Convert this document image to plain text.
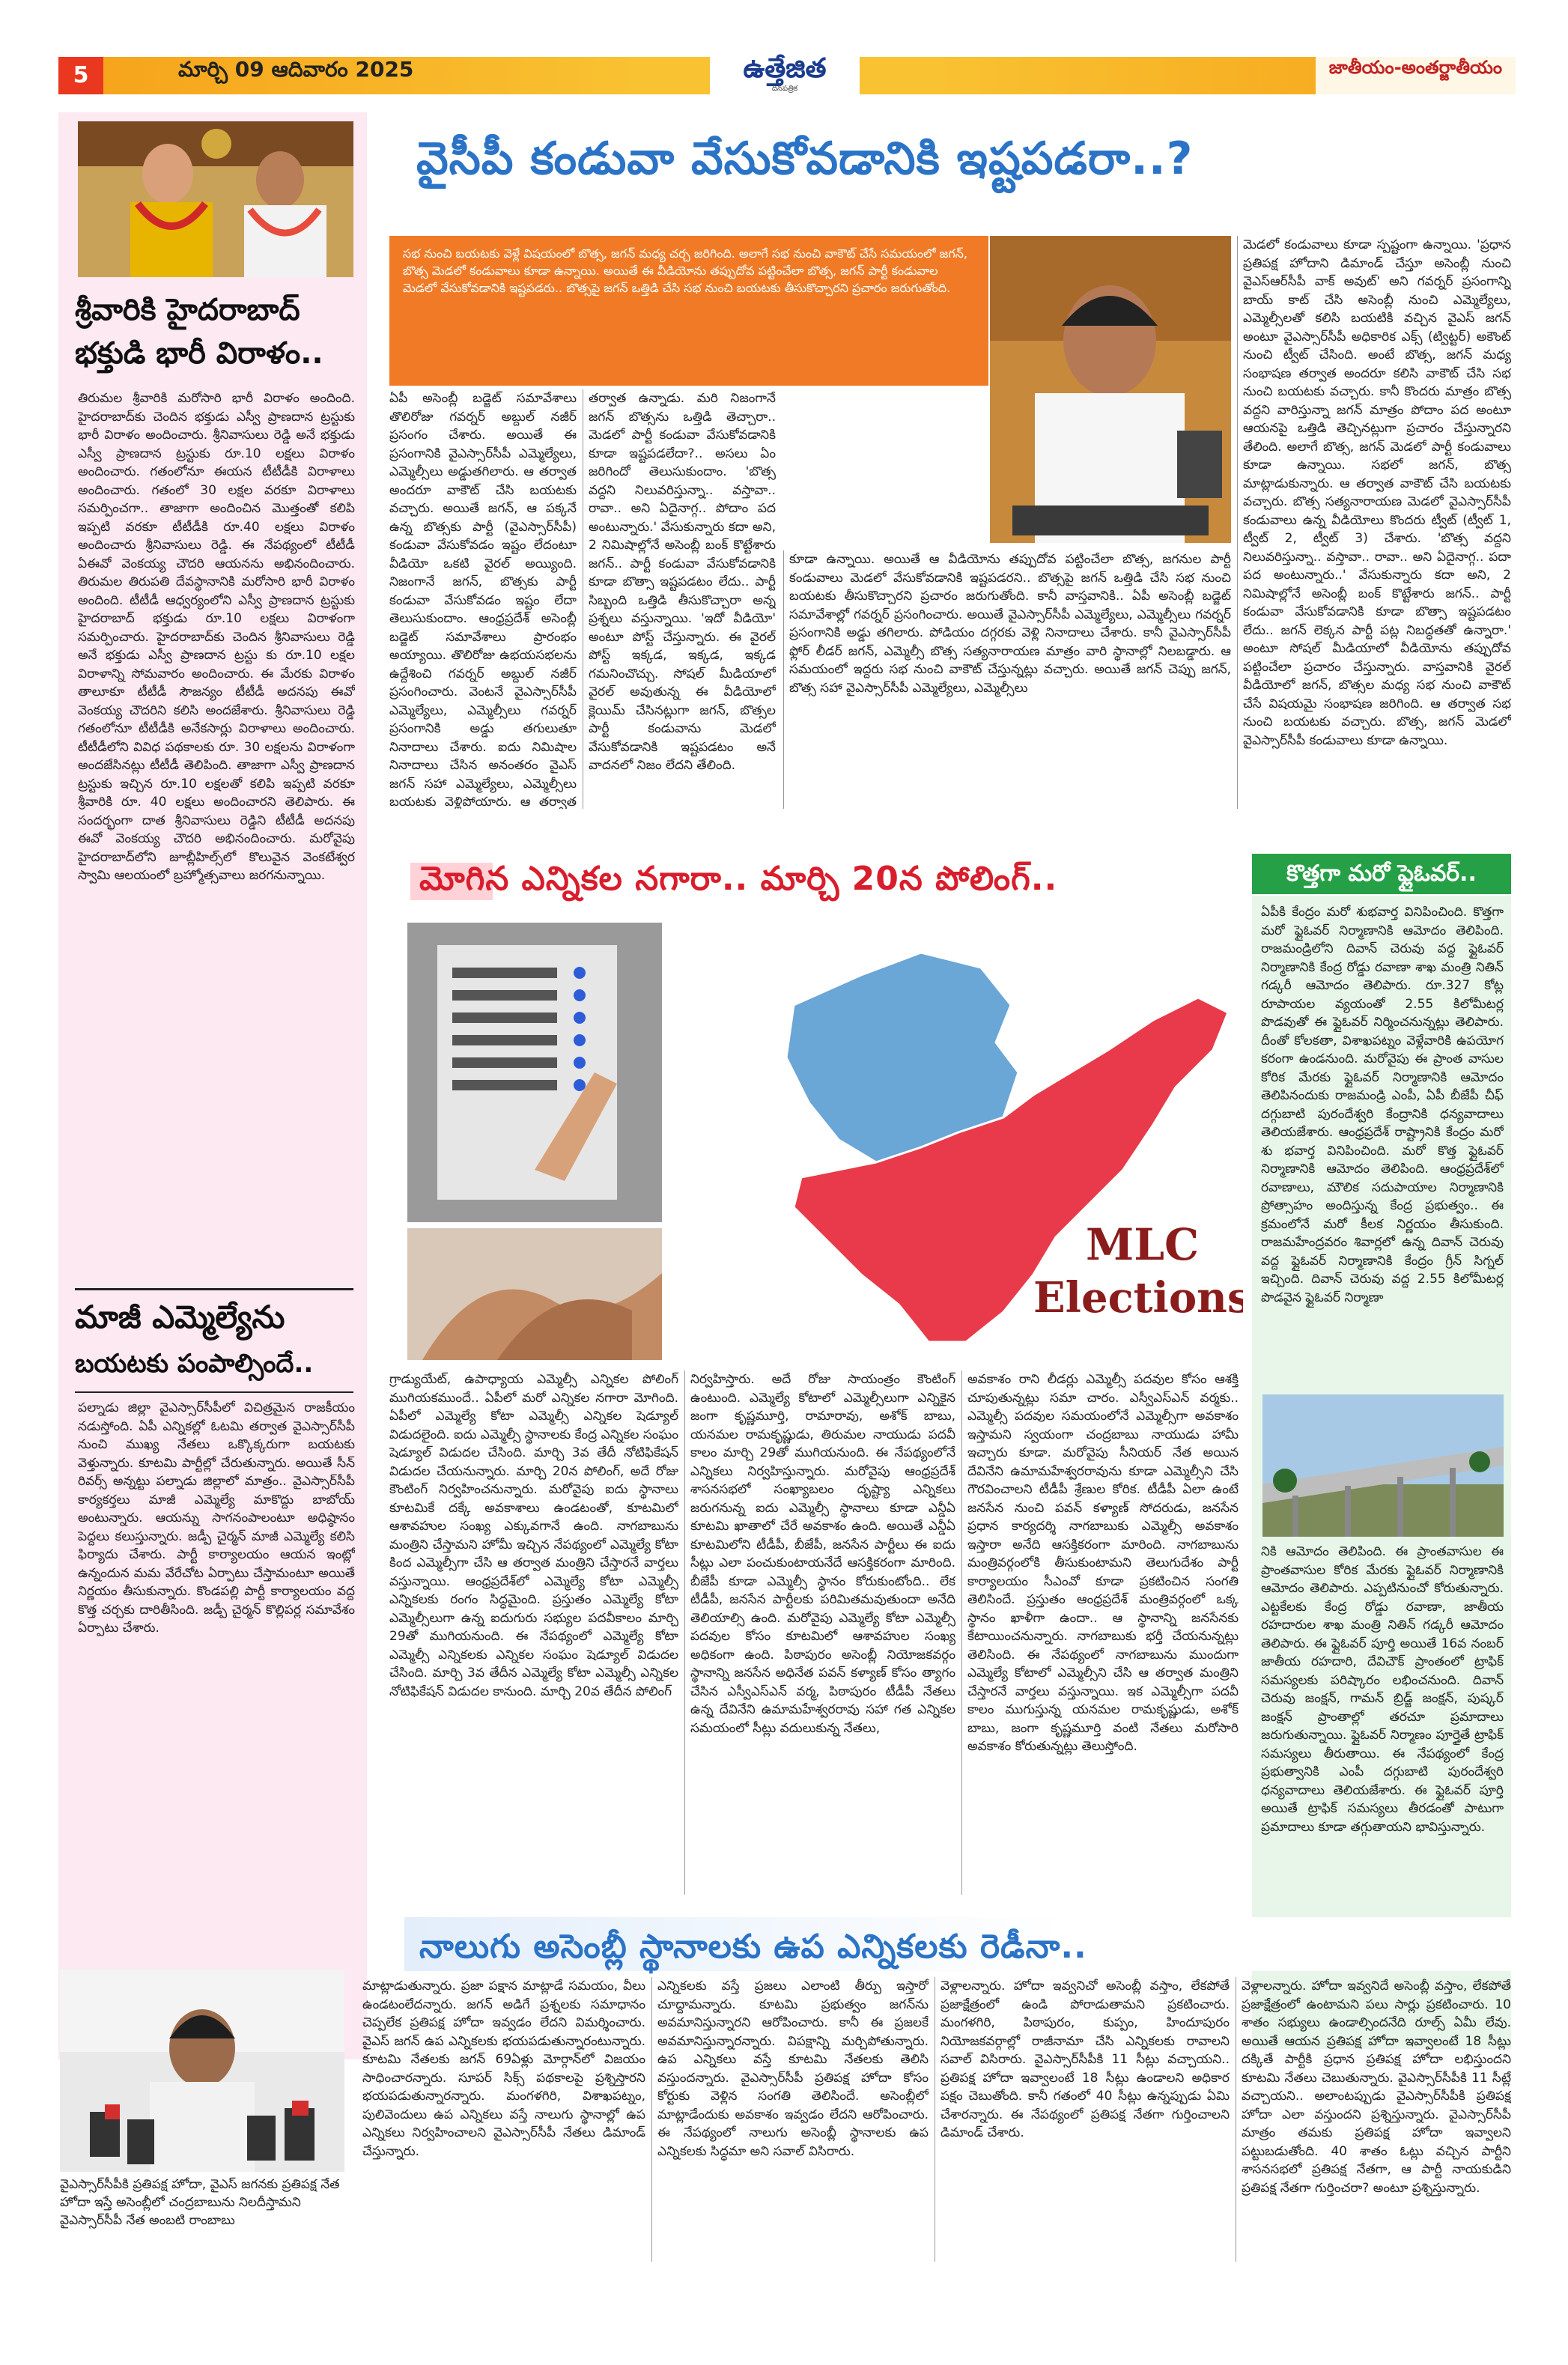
5	మార్చి 09 ఆదివారం 2025	ఉత్తేజిత
దినపత్రిక
జాతీయం-అంతర్జాతీయం
శ్రీవారికి హైదరాబాద్ భక్తుడి భారీ విరాళం..
తిరుమల శ్రీవారికి మరోసారి భారీ విరాళం అందింది. హైదరాబాద్‌కు చెందిన భక్తుడు ఎస్వీ ప్రాణదాన ట్రస్టుకు భారీ విరాళం అందించారు. శ్రీనివాసులు రెడ్డి అనే భక్తుడు ఎస్వీ ప్రాణదాన ట్రస్టుకు రూ.10 లక్షలు విరాళం అందించారు. గతంలోనూ ఈయన టీటీడీకి విరాళాలు అందించారు. గతంలో 30 లక్షల వరకూ విరాళాలు సమర్పించగా.. తాజాగా అందించిన మొత్తంతో కలిపి ఇప్పటి వరకూ టీటీడీకి రూ.40 లక్షలు విరాళం అందించారు శ్రీనివాసులు రెడ్డి. ఈ నేపథ్యంలో టీటీడీ ఏఈవో వెంకయ్య చౌదరి ఆయనను అభినందించారు. తిరుమల తిరుపతి దేవస్థానానికి మరోసారి భారీ విరాళం అందింది. టీటీడీ ఆధ్వర్యంలోని ఎస్వీ ప్రాణదాన ట్రస్టుకు హైదరాబాద్ భక్తుడు రూ.10 లక్షలు విరాళంగా సమర్పించారు. హైదరాబాద్‌కు చెందిన శ్రీనివాసులు రెడ్డి అనే భక్తుడు ఎస్వీ ప్రాణదాన ట్రస్టు కు రూ.10 లక్షల విరాళాన్ని సోమవారం అందించారు. ఈ మేరకు విరాళం తాలూకూ టీటీడీ సౌజన్యం టీటీడీ అదనపు ఈవో వెంకయ్య చౌదరిని కలిసి అందజేశారు. శ్రీనివాసులు రెడ్డి గతంలోనూ టీటీడీకి అనేకసార్లు విరాళాలు అందించారు. టీటీడీలోని వివిధ పథకాలకు రూ. 30 లక్షలను విరాళంగా అందజేసినట్లు టీటీడీ తెలిపింది. తాజాగా ఎస్వీ ప్రాణదాన ట్రస్టుకు ఇచ్చిన రూ.10 లక్షలతో కలిపి ఇప్పటి వరకూ శ్రీవారికి రూ. 40 లక్షలు అందించారని తెలిపారు. ఈ సందర్భంగా దాత శ్రీనివాసులు రెడ్డిని టీటీడీ అదనపు ఈవో వెంకయ్య చౌదరి అభినందించారు. మరోవైపు హైదరాబాద్‌లోని జూబ్లీహిల్స్‌లో కొలువైన వెంకటేశ్వర స్వామి ఆలయంలో బ్రహ్మోత్సవాలు జరగనున్నాయి.
మాజీ ఎమ్మెల్యేను
బయటకు పంపాల్సిందే..
పల్నాడు జిల్లా వైఎస్సార్‌సీపీలో విచిత్రమైన రాజకీయం నడుస్తోంది. ఏపీ ఎన్నికల్లో ఓటమి తర్వాత వైఎస్సార్‌సీపీ నుంచి ముఖ్య నేతలు ఒక్కొక్కరుగా బయటకు వెళ్తున్నారు. కూటమి పార్టీల్లో చేరుతున్నారు. అయితే సీన్ రివర్స్ అన్నట్టు పల్నాడు జిల్లాలో మాత్రం.. వైఎస్సార్‌సీపీ కార్యకర్తలు మాజీ ఎమ్మెల్యే మాకొద్దు బాబోయ్ అంటున్నారు. ఆయన్ను సాగనంపాలంటూ అధిష్ఠానం పెద్దలు కలుస్తున్నారు. జడ్పీ చైర్మన్ మాజీ ఎమ్మెల్యే కలిసి ఫిర్యాదు చేశారు. పార్టీ కార్యాలయం ఆయన ఇంట్లో ఉన్నందున మమ వేరేచోట ఏర్పాటు చేస్తామంటూ అయితే నిర్ణయం తీసుకున్నారు. కొండపల్లి పార్టీ కార్యాలయం వద్ద కొత్త చర్చకు దారితీసింది. జడ్పీ చైర్మన్ కొల్లిపర్ల సమావేశం ఏర్పాటు చేశారు.
వైసీపీ కండువా వేసుకోవడానికి ఇష్టపడరా..?
సభ నుంచి బయటకు వెళ్లే విషయంలో బొత్స, జగన్ మధ్య చర్చ జరిగింది. అలాగే సభ నుంచి వాకౌట్ చేసే సమయంలో జగన్, బొత్స మెడలో కండువాలు కూడా ఉన్నాయి. అయితే ఈ వీడియోను తప్పుదోవ పట్టించేలా బొత్స, జగన్ పార్టీ కండువాల మెడలో వేసుకోవడానికి ఇష్టపడరు.. బొత్సపై జగన్ ఒత్తిడి చేసి సభ నుంచి బయటకు తీసుకొచ్చారని ప్రచారం జరుగుతోంది.
ఏపీ అసెంబ్లీ బడ్జెట్ సమావేశాలు తొలిరోజు గవర్నర్ అబ్దుల్ నజీర్ ప్రసంగం చేశారు. అయితే ఈ ప్రసంగానికి వైఎస్సార్‌సీపీ ఎమ్మెల్యేలు, ఎమ్మెల్సీలు అడ్డుతగిలారు. ఆ తర్వాత అందరూ వాకౌట్ చేసి బయటకు వచ్చారు. అయితే జగన్, ఆ పక్కనే ఉన్న బొత్సకు పార్టీ (వైఎస్సార్‌సీపీ) కండువా వేసుకోవడం ఇష్టం లేదంటూ వీడియో ఒకటి వైరల్ అయ్యింది. నిజంగానే జగన్, బొత్సకు పార్టీ కండువా వేసుకోవడం ఇష్టం లేదా తెలుసుకుందాం. ఆంధ్రప్రదేశ్ అసెంబ్లీ బడ్జెట్ సమావేశాలు ప్రారంభం అయ్యాయి. తొలిరోజు ఉభయసభలను ఉద్దేశించి గవర్నర్ అబ్దుల్ నజీర్ ప్రసంగించారు. వెంటనే వైఎస్సార్‌సీపీ ఎమ్మెల్యేలు, ఎమ్మెల్సీలు గవర్నర్ ప్రసంగానికి అడ్డు తగులుతూ నినాదాలు చేశారు. ఐదు నిమిషాల నినాదాలు చేసిన అనంతరం వైఎస్ జగన్ సహా ఎమ్మెల్యేలు, ఎమ్మెల్సీలు బయటకు వెళ్లిపోయారు. ఆ తర్వాత
తర్వాత ఉన్నాడు. మరి నిజంగానే జగన్ బొత్సను ఒత్తిడి తెచ్చారా.. మెడలో పార్టీ కండువా వేసుకోవడానికి కూడా ఇష్టపడలేదా?.. అసలు ఏం జరిగిందో తెలుసుకుందాం. 'బొత్స వద్దని నిలువరిస్తున్నా.. వస్తావా.. రావా.. అని ఏదైనాగ్గ.. పోదాం పద అంటున్నారు.' వేసుకున్నారు కదా అని, 2 నిమిషాల్లోనే అసెంబ్లీ బంక్ కొట్టేశారు జగన్.. పార్టీ కండువా వేసుకోవడానికి కూడా బొత్సా ఇష్టపడటం లేదు.. పార్టీ సిబ్బంది ఒత్తిడి తీసుకొచ్చారా అన్న ప్రశ్నలు వస్తున్నాయి. 'ఇదో వీడియో' అంటూ పోస్ట్ చేస్తున్నారు. ఈ వైరల్ పోస్ట్ ఇక్కడ, ఇక్కడ, ఇక్కడ గమనించొచ్చు. సోషల్ మీడియాలో వైరల్ అవుతున్న ఈ వీడియోలో క్లెయిమ్ చేసినట్లుగా జగన్, బొత్సల పార్టీ కండువాను మెడలో వేసుకోవడానికి ఇష్టపడటం అనే వాదనలో నిజం లేదని తేలింది.
కూడా ఉన్నాయి. అయితే ఆ వీడియోను తప్పుదోవ పట్టించేలా బొత్స, జగనుల పార్టీ కండువాలు మెడలో వేసుకోవడానికి ఇష్టపడరని.. బొత్సపై జగన్ ఒత్తిడి చేసి సభ నుంచి బయటకు తీసుకొచ్చారని ప్రచారం జరుగుతోంది. కానీ వాస్తవానికి.. ఏపీ అసెంబ్లీ బడ్జెట్ సమావేశాల్లో గవర్నర్ ప్రసంగించారు. అయితే వైఎస్సార్‌సీపీ ఎమ్మెల్యేలు, ఎమ్మెల్సీలు గవర్నర్ ప్రసంగానికి అడ్డు తగిలారు. పోడియం దగ్గరకు వెళ్లి నినాదాలు చేశారు. కానీ వైఎస్సార్‌సీపీ ఫ్లోర్ లీడర్ జగన్, ఎమ్మెల్సీ బొత్స సత్యనారాయణ మాత్రం వారి స్థానాల్లో నిలబడ్డారు. ఆ సమయంలో ఇద్దరు సభ నుంచి వాకౌట్ చేస్తున్నట్లు వచ్చారు. అయితే జగన్ చెప్పు జగన్, బొత్స సహా వైఎస్సార్‌సీపీ ఎమ్మెల్యేలు, ఎమ్మెల్సీలు
మెడలో కండువాలు కూడా స్పష్టంగా ఉన్నాయి. 'ప్రధాన ప్రతిపక్ష హోదాని డిమాండ్ చేస్తూ అసెంబ్లీ నుంచి వైఎస్‌ఆర్‌సీపీ వాక్ అవుట్' అని గవర్నర్ ప్రసంగాన్ని బాయ్ కాట్ చేసి అసెంబ్లీ నుంచి ఎమ్మెల్యేలు, ఎమ్మెల్సీలతో కలిసి బయటికి వచ్చిన వైఎస్ జగన్ అంటూ వైఎస్సార్‌సీపీ అధికారిక ఎక్స్ (ట్విట్టర్) అకౌంట్ నుంచి ట్వీట్ చేసింది. అంటే బొత్స, జగన్ మధ్య సంభాషణ తర్వాత అందరూ కలిసి వాకౌట్ చేసి సభ నుంచి బయటకు వచ్చారు. కానీ కొందరు మాత్రం బొత్స వద్దని వారిస్తున్నా జగన్ మాత్రం పోదాం పద అంటూ ఆయనపై ఒత్తిడి తెచ్చినట్లుగా ప్రచారం చేస్తున్నారని తేలింది. అలాగే బొత్స, జగన్ మెడలో పార్టీ కండువాలు కూడా ఉన్నాయి. సభలో జగన్, బొత్స మాట్లాడుకున్నారు. ఆ తర్వాత వాకౌట్ చేసి బయటకు వచ్చారు. బొత్స సత్యనారాయణ మెడలో వైఎస్సార్‌సీపీ కండువాలు ఉన్న వీడియోలు కొందరు ట్వీట్ (ట్వీట్ 1, ట్వీట్ 2, ట్వీట్ 3) చేశారు. 'బొత్స వద్దని నిలువరిస్తున్నా.. వస్తావా.. రావా.. అని ఏదైనాగ్గ.. పదా పద అంటున్నారు..' వేసుకున్నారు కదా అని, 2 నిమిషాల్లోనే అసెంబ్లీ బంక్ కొట్టేశారు జగన్.. పార్టీ కండువా వేసుకోవడానికి కూడా బొత్సా ఇష్టపడటం లేదు.. జగన్ లెక్కన పార్టీ పట్ల నిబద్ధతతో ఉన్నారా.' అంటూ సోషల్ మీడియాలో వీడియోను తప్పుదోవ పట్టించేలా ప్రచారం చేస్తున్నారు. వాస్తవానికి వైరల్ వీడియోలో జగన్, బొత్సల మధ్య సభ నుంచి వాకౌట్ చేసే విషయమై సంభాషణ జరిగింది. ఆ తర్వాత సభ నుంచి బయటకు వచ్చారు. బొత్స, జగన్ మెడలో వైఎస్సార్‌సీపీ కండువాలు కూడా ఉన్నాయి.
మోగిన ఎన్నికల నగారా.. మార్చి 20న పోలింగ్..
MLC
Elections
గ్రాడ్యుయేట్, ఉపాధ్యాయ ఎమ్మెల్సీ ఎన్నికల పోలింగ్ ముగియకముందే.. ఏపీలో మరో ఎన్నికల నగారా మోగింది. ఏపీలో ఎమ్మెల్యే కోటా ఎమ్మెల్సీ ఎన్నికల షెడ్యూల్ విడుదలైంది. ఐదు ఎమ్మెల్సీ స్థానాలకు కేంద్ర ఎన్నికల సంఘం షెడ్యూల్ విడుదల చేసింది. మార్చి 3వ తేదీ నోటిఫికేషన్ విడుదల చేయనున్నారు. మార్చి 20న పోలింగ్, అదే రోజు కౌంటింగ్ నిర్వహించనున్నారు. మరోవైపు ఐదు స్థానాలు కూటమికే దక్కే అవకాశాలు ఉండటంతో, కూటమిలో ఆశావహుల సంఖ్య ఎక్కువగానే ఉంది. నాగబాబును మంత్రిని చేస్తామని హోమీ ఇచ్చిన నేపథ్యంలో ఎమ్మెల్యే కోటా కింద ఎమ్మెల్సీగా చేసి ఆ తర్వాత మంత్రిని చేస్తారనే వార్తలు వస్తున్నాయి. ఆంధ్రప్రదేశ్‌లో ఎమ్మెల్యే కోటా ఎమ్మెల్సీ ఎన్నికలకు రంగం సిద్ధమైంది. ప్రస్తుతం ఎమ్మెల్యే కోటా ఎమ్మెల్సీలుగా ఉన్న ఐదుగురు సభ్యుల పదవీకాలం మార్చి 29తో ముగియనుంది. ఈ నేపథ్యంలో ఎమ్మెల్యే కోటా ఎమ్మెల్సీ ఎన్నికలకు ఎన్నికల సంఘం షెడ్యూల్ విడుదల చేసింది. మార్చి 3వ తేదీన ఎమ్మెల్యే కోటా ఎమ్మెల్సీ ఎన్నికల నోటిఫికేషన్ విడుదల కానుంది. మార్చి 20వ తేదీన పోలింగ్
నిర్వహిస్తారు. అదే రోజు సాయంత్రం కౌంటింగ్ ఉంటుంది. ఎమ్మెల్యే కోటాలో ఎమ్మెల్సీలుగా ఎన్నికైన జంగా కృష్ణమూర్తి, రామారావు, అశోక్ బాబు, యనమల రామకృష్ణుడు, తిరుమల నాయుడు పదవీ కాలం మార్చి 29తో ముగియనుంది. ఈ నేపథ్యంలోనే ఎన్నికలు నిర్వహిస్తున్నారు. మరోవైపు ఆంధ్రప్రదేశ్ శాసనసభలో సంఖ్యాబలం దృష్ట్యా ఎన్నికలు జరుగనున్న ఐదు ఎమ్మెల్సీ స్థానాలు కూడా ఎన్డీఏ కూటమి ఖాతాలో చేరే అవకాశం ఉంది. అయితే ఎన్డీఏ కూటమిలోని టీడీపీ, బీజేపీ, జనసేన పార్టీలు ఈ ఐదు సీట్లు ఎలా పంచుకుంటాయనేదే ఆసక్తికరంగా మారింది. బీజేపీ కూడా ఎమ్మెల్సీ స్థానం కోరుకుంటోంది.. లేక టీడీపీ, జనసేన పార్టీలకు పరిమితమవుతుందా అనేది తెలియాల్సి ఉంది. మరోవైపు ఎమ్మెల్యే కోటా ఎమ్మెల్సీ పదవుల కోసం కూటమిలో ఆశావహుల సంఖ్య అధికంగా ఉంది. పిఠాపురం అసెంబ్లీ నియోజకవర్గం స్థానాన్ని జనసేన అధినేత పవన్ కళ్యాణ్ కోసం త్యాగం చేసిన ఎస్వీఎస్ఎన్ వర్మ, పిఠాపురం టీడీపీ నేతలు ఉన్న దేవినేని ఉమామహేశ్వరరావు సహా గత ఎన్నికల సమయంలో సీట్లు వదులుకున్న నేతలు,
అవకాశం రాని లీడర్లు ఎమ్మెల్సీ పదవుల కోసం ఆశక్తి చూపుతున్నట్లు సమా చారం. ఎస్వీఎస్ఎన్ వర్మకు.. ఎమ్మెల్సీ పదవుల సమయంలోనే ఎమ్మెల్సీగా అవకాశం ఇస్తామని స్వయంగా చంద్రబాబు నాయుడు హామీ ఇచ్చారు కూడా. మరోవైపు సీనియర్ నేత అయిన దేవినేని ఉమామహేశ్వరరావును కూడా ఎమ్మెల్సీని చేసి గౌరవించాలని టీడీపీ శ్రేణుల కోరిక. టీడీపీ ఏలా ఉంటే జనసేన నుంచి పవన్ కళ్యాణ్ సోదరుడు, జనసేన ప్రధాన కార్యదర్శి నాగబాబుకు ఎమ్మెల్సీ అవకాశం ఇస్తారా అనేది ఆసక్తికరంగా మారింది. నాగబాబును మంత్రివర్గంలోకి తీసుకుంటామని తెలుగుదేశం పార్టీ కార్యాలయం సీఎంవో కూడా ప్రకటించిన సంగతి తెలిసిందే. ప్రస్తుతం ఆంధ్రప్రదేశ్ మంత్రివర్గంలో ఒక్క స్థానం ఖాళీగా ఉందా.. ఆ స్థానాన్ని జనసేనకు కేటాయించనున్నారు. నాగబాబుకు భర్తీ చేయనున్నట్లు తెలిసింది. ఈ నేపథ్యంలో నాగబాబును ముందుగా ఎమ్మెల్యే కోటాలో ఎమ్మెల్సీని చేసి ఆ తర్వాత మంత్రిని చేస్తారనే వార్తలు వస్తున్నాయి. ఇక ఎమ్మెల్సీగా పదవీ కాలం ముగుస్తున్న యనమల రామకృష్ణుడు, అశోక్ బాబు, జంగా కృష్ణమూర్తి వంటి నేతలు మరోసారి అవకాశం కోరుతున్నట్లు తెలుస్తోంది.
కొత్తగా మరో ఫ్లైఓవర్..
ఏపీకి కేంద్రం మరో శుభవార్త వినిపించింది. కొత్తగా మరో ఫ్లైఓవర్ నిర్మాణానికి ఆమోదం తెలిపింది. రాజమండ్రిలోని దివాన్ చెరువు వద్ద ఫ్లైఓవర్ నిర్మాణానికి కేంద్ర రోడ్డు రవాణా శాఖ మంత్రి నితిన్ గడ్కరీ ఆమోదం తెలిపారు. రూ.327 కోట్ల రూపాయల వ్యయంతో 2.55 కిలోమీటర్ల పొడవుతో ఈ ఫ్లైఓవర్ నిర్మించనున్నట్లు తెలిపారు. దీంతో కోలకతా, విశాఖపట్నం వెళ్లేవారికి ఉపయోగ కరంగా ఉండనుంది. మరోవైపు ఈ ప్రాంత వాసుల కోరిక మేరకు ఫ్లైఓవర్ నిర్మాణానికి ఆమోదం తెలిపినందుకు రాజమండ్రి ఎంపీ, ఏపీ బీజేపీ చీఫ్ దగ్గుబాటి పురందేశ్వరి కేంద్రానికి ధన్యవాదాలు తెలియజేశారు. ఆంధ్రప్రదేశ్ రాష్ట్రానికి కేంద్రం మరో శు భవార్త వినిపించింది. మరో కొత్త ఫ్లైఓవర్ నిర్మాణానికి ఆమోదం తెలిపింది. ఆంధ్రప్రదేశ్‌లో రవాణాలు, మౌలిక సదుపాయాల నిర్మాణానికి ప్రోత్సాహం అందిస్తున్న కేంద్ర ప్రభుత్వం.. ఈ క్రమంలోనే మరో కీలక నిర్ణయం తీసుకుంది. రాజమహేంద్రవరం శివార్లలో ఉన్న దివాన్ చెరువు వద్ద ఫ్లైఓవర్ నిర్మాణానికి కేంద్రం గ్రీన్ సిగ్నల్ ఇచ్చింది. దివాన్ చెరువు వద్ద 2.55 కిలోమీటర్ల పొడవైన ఫ్లైఓవర్ నిర్మాణా
నికి ఆమోదం తెలిపింది. ఈ ప్రాంతవాసుల ఈ ప్రాంతవాసుల కోరిక మేరకు ఫ్లైఓవర్ నిర్మాణానికి ఆమోదం తెలిపారు. ఎప్పటినుంచో కోరుతున్నారు. ఎట్టకేలకు కేంద్ర రోడ్డు రవాణా, జాతీయ రహదారుల శాఖ మంత్రి నితిన్ గడ్కరీ ఆమోదం తెలిపారు. ఈ ఫ్లైఓవర్ పూర్తి అయితే 16వ నంబర్ జాతీయ రహదారి, దేవిచౌక్ ప్రాంతంలో ట్రాఫిక్ సమస్యలకు పరిష్కారం లభించనుంది. దివాన్ చెరువు జంక్షన్, గామన్ బ్రిడ్జ్ జంక్షన్, పుష్కర్ జంక్షన్ ప్రాంతాల్లో తరచూ ప్రమాదాలు జరుగుతున్నాయి. ఫ్లైఓవర్ నిర్మాణం పూర్తైతే ట్రాఫిక్ సమస్యలు తీరుతాయి. ఈ నేపథ్యంలో కేంద్ర ప్రభుత్వానికి ఎంపీ దగ్గుబాటి పురందేశ్వరి ధన్యవాదాలు తెలియజేశారు. ఈ ఫ్లైఓవర్ పూర్తి అయితే ట్రాఫిక్ సమస్యలు తీరడంతో పాటుగా ప్రమాదాలు కూడా తగ్గుతాయని భావిస్తున్నారు.
నాలుగు అసెంబ్లీ స్థానాలకు ఉప ఎన్నికలకు రెడీనా..
వైఎస్సార్‌సీపీకి ప్రతిపక్ష హోదా, వైఎస్ జగనకు ప్రతిపక్ష నేత హోదా ఇస్తే అసెంబ్లీలో చంద్రబాబును నిలదీస్తామని వైఎస్సార్‌సీపీ నేత అంబటి రాంబాబు
మాట్లాడుతున్నారు. ప్రజా పక్షాన మాట్లాడే సమయం, వీలు ఉండటంలేదన్నారు. జగన్ అడిగే ప్రశ్నలకు సమాధానం చెప్పలేక ప్రతిపక్ష హోదా ఇవ్వడం లేదని విమర్శించారు. వైఎస్ జగన్ ఉప ఎన్నికలకు భయపడుతున్నారంటున్నారు. కూటమి నేతలకు జగన్ 69ఏళ్లు మోర్గాన్‌లో విజయం సాధించారన్నారు. సూపర్ సిక్స్ పథకాలపై ప్రశ్నిస్తారని భయపడుతున్నారన్నారు. మంగళగిరి, విశాఖపట్నం, పులివెందులు ఉప ఎన్నికలు వస్తే నాలుగు స్థానాల్లో ఉప ఎన్నికలు నిర్వహించాలని వైఎస్సార్‌సీపీ నేతలు డిమాండ్ చేస్తున్నారు.
ఎన్నికలకు వస్తే ప్రజలు ఎలాంటి తీర్పు ఇస్తారో చూద్దామన్నారు. కూటమి ప్రభుత్వం జగన్‌ను అవమానిస్తున్నారని ఆరోపించారు. కానీ ఈ ప్రజలకే అవమానిస్తున్నారన్నారు. విపక్షాన్ని మర్చిపోతున్నారు. ఉప ఎన్నికలు వస్తే కూటమి నేతలకు తెలిసి వస్తుందన్నారు. వైఎస్సార్‌సీపీ ప్రతిపక్ష హోదా కోసం కోర్టుకు వెళ్లిన సంగతి తెలిసిందే. అసెంబ్లీలో మాట్లాడేందుకు అవకాశం ఇవ్వడం లేదని ఆరోపించారు. ఈ నేపథ్యంలో నాలుగు అసెంబ్లీ స్థానాలకు ఉప ఎన్నికలకు సిద్ధమా అని సవాల్ విసిరారు.
వెళ్లాలన్నారు. హోదా ఇవ్వనిచో అసెంబ్లీ వస్తాం, లేకపోతే ప్రజాక్షేత్రంలో ఉండి పోరాడుతామని ప్రకటించారు. మంగళగిరి, పిఠాపురం, కుప్పం, హిందూపురం నియోజకవర్గాల్లో రాజీనామా చేసి ఎన్నికలకు రావాలని సవాల్ విసిరారు. వైఎస్సార్‌సీపీకి 11 సీట్లు వచ్చాయని.. ప్రతిపక్ష హోదా ఇవ్వాలంటే 18 సీట్లు ఉండాలని అధికార పక్షం చెబుతోంది. కానీ గతంలో 40 సీట్లు ఉన్నప్పుడు ఏమి చేశారన్నారు. ఈ నేపథ్యంలో ప్రతిపక్ష నేతగా గుర్తించాలని డిమాండ్ చేశారు.
వెళ్లాలన్నారు. హోదా ఇవ్వనిదే అసెంబ్లీ వస్తాం, లేకపోతే ప్రజాక్షేత్రంలో ఉంటామని పలు సార్లు ప్రకటించారు. 10 శాతం సభ్యులు ఉండాల్సిందనేది రూల్స్ ఏమీ లేవు. అయితే ఆయన ప్రతిపక్ష హోదా ఇవ్వాలంటే 18 సీట్లు దక్కితే పార్టీకి ప్రధాన ప్రతిపక్ష హోదా లభిస్తుందని కూటమి నేతలు చెబుతున్నారు. వైఎస్సార్‌సీపీకి 11 సీట్లే వచ్చాయని.. అలాంటప్పుడు వైఎస్సార్‌సీపీకి ప్రతిపక్ష హోదా ఎలా వస్తుందని ప్రశ్నిస్తున్నారు. వైఎస్సార్‌సీపీ మాత్రం తమకు ప్రతిపక్ష హోదా ఇవ్వాలని పట్టుబడుతోంది. 40 శాతం ఓట్లు వచ్చిన పార్టీని శాసనసభలో ప్రతిపక్ష నేతగా, ఆ పార్టీ నాయకుడిని ప్రతిపక్ష నేతగా గుర్తించరా? అంటూ ప్రశ్నిస్తున్నారు.
